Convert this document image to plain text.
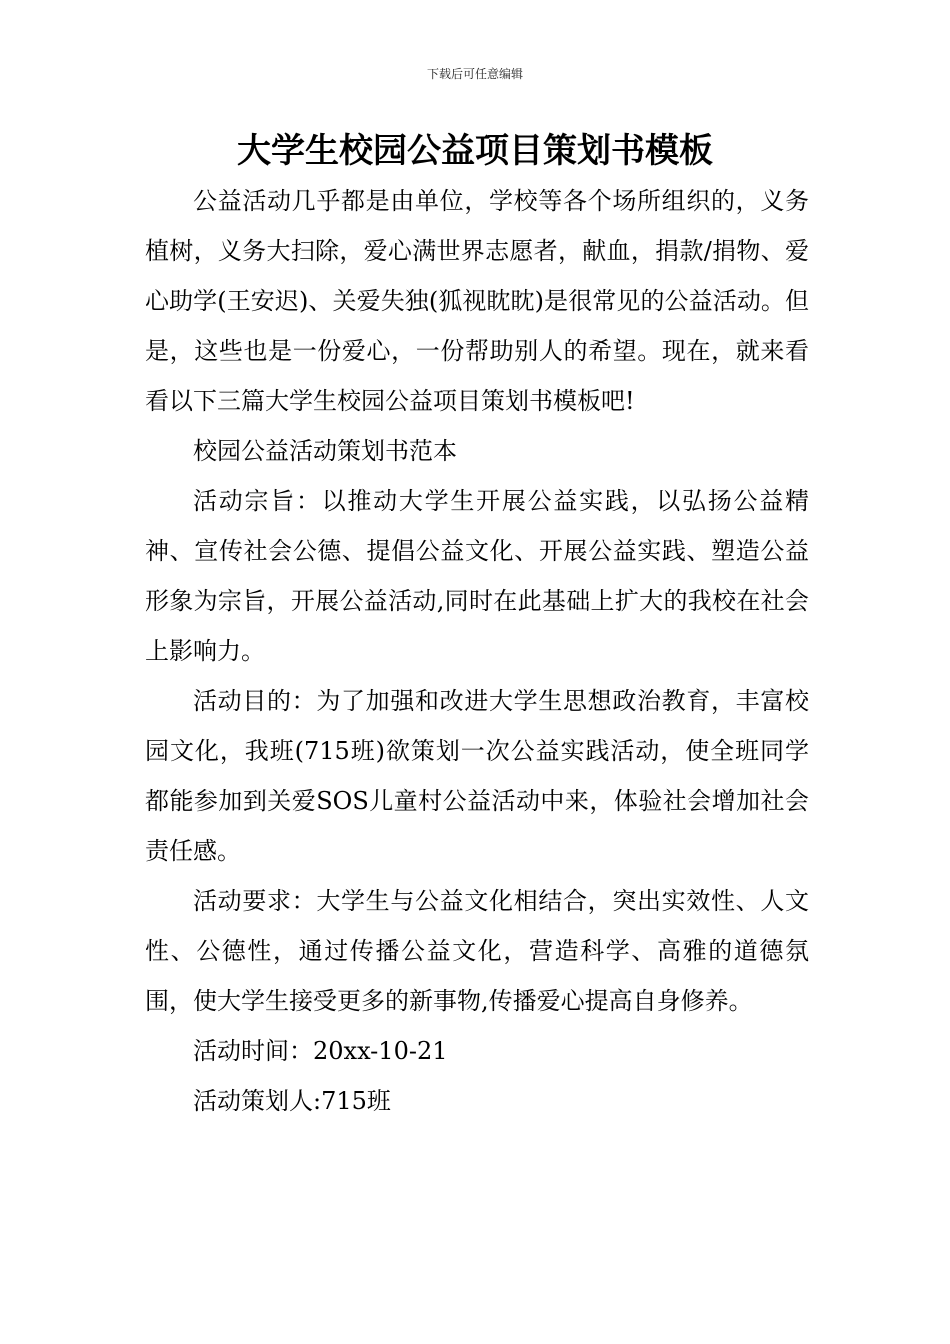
下载后可任意编辑
大学生校园公益项目策划书模板

公益活动几乎都是由单位，学校等各个场所组织的，义务植树，义务大扫除，爱心满世界志愿者，献血，捐款/捐物、爱心助学(王安迟)、关爱失独(狐视眈眈)是很常见的公益活动。但是，这些也是一份爱心，一份帮助别人的希望。现在，就来看看以下三篇大学生校园公益项目策划书模板吧!

校园公益活动策划书范本

活动宗旨：以推动大学生开展公益实践，以弘扬公益精神、宣传社会公德、提倡公益文化、开展公益实践、塑造公益形象为宗旨，开展公益活动,同时在此基础上扩大的我校在社会上影响力。

活动目的：为了加强和改进大学生思想政治教育，丰富校园文化，我班(715班)欲策划一次公益实践活动，使全班同学都能参加到关爱SOS儿童村公益活动中来，体验社会增加社会责任感。

活动要求：大学生与公益文化相结合，突出实效性、人文性、公德性，通过传播公益文化，营造科学、高雅的道德氛围，使大学生接受更多的新事物,传播爱心提高自身修养。

活动时间：20xx-10-21

活动策划人:715班
